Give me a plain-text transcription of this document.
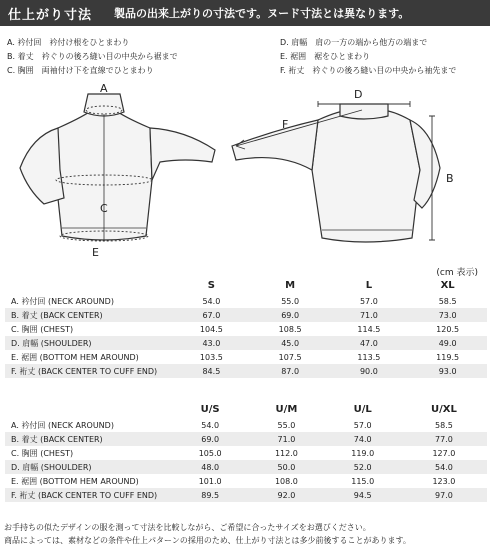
仕上がり寸法 製品の出来上がりの寸法です。ヌード寸法とは異なります。
A. 衿付回　衿付け根をひとまわり
B. 着丈　衿ぐりの後ろ縫い目の中央から裾まで
C. 胸囲　両袖付け下を直線でひとまわり
D. 肩幅　肩の一方の端から他方の端まで
E. 裾囲　裾をひとまわり
F. 裄丈　衿ぐりの後ろ縫い目の中央から袖先まで
A
C
E
D
B
F
(cm 表示)
	S	M	L	XL
A. 衿付回 (NECK AROUND)	54.0	55.0	57.0	58.5
B. 着丈 (BACK CENTER)	67.0	69.0	71.0	73.0
C. 胸囲 (CHEST)	104.5	108.5	114.5	120.5
D. 肩幅 (SHOULDER)	43.0	45.0	47.0	49.0
E. 裾囲 (BOTTOM HEM AROUND)	103.5	107.5	113.5	119.5
F. 裄丈 (BACK CENTER TO CUFF END)	84.5	87.0	90.0	93.0
	U/S	U/M	U/L	U/XL
A. 衿付回 (NECK AROUND)	54.0	55.0	57.0	58.5
B. 着丈 (BACK CENTER)	69.0	71.0	74.0	77.0
C. 胸囲 (CHEST)	105.0	112.0	119.0	127.0
D. 肩幅 (SHOULDER)	48.0	50.0	52.0	54.0
E. 裾囲 (BOTTOM HEM AROUND)	101.0	108.0	115.0	123.0
F. 裄丈 (BACK CENTER TO CUFF END)	89.5	92.0	94.5	97.0
お手持ちの似たデザインの服を測って寸法を比較しながら、ご希望に合ったサイズをお選びください。
商品によっては、素材などの条件や仕上パターンの採用のため、仕上がり寸法とは多少前後することがあります。
